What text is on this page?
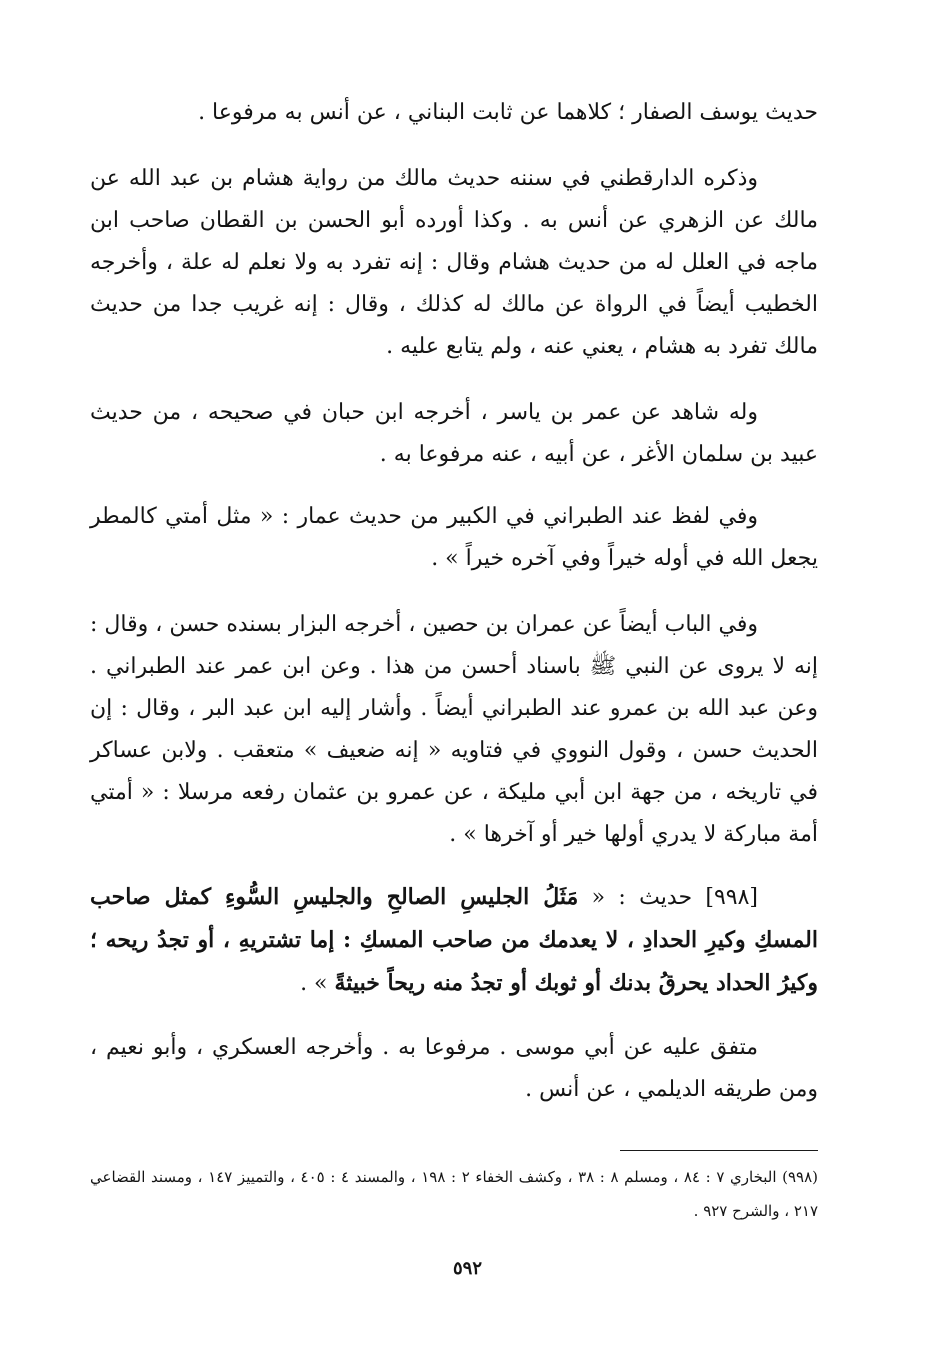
حديث يوسف الصفار ؛ كلاهما عن ثابت البناني ، عن أنس به مرفوعا .

وذكره الدارقطني في سننه حديث مالك من رواية هشام بن عبد الله عن مالك عن الزهري عن أنس به . وكذا أورده أبو الحسن بن القطان صاحب ابن ماجه في العلل له من حديث هشام وقال : إنه تفرد به ولا نعلم له علة ، وأخرجه الخطيب أيضاً في الرواة عن مالك له كذلك ، وقال : إنه غريب جدا من حديث مالك تفرد به هشام ، يعني عنه ، ولم يتابع عليه .

وله شاهد عن عمر بن ياسر ، أخرجه ابن حبان في صحيحه ، من حديث عبيد بن سلمان الأغر ، عن أبيه ، عنه مرفوعا به .

وفي لفظ عند الطبراني في الكبير من حديث عمار : « مثل أمتي كالمطر يجعل الله في أوله خيراً وفي آخره خيراً » .

وفي الباب أيضاً عن عمران بن حصين ، أخرجه البزار بسنده حسن ، وقال : إنه لا يروى عن النبي ﷺ باسناد أحسن من هذا . وعن ابن عمر عند الطبراني . وعن عبد الله بن عمرو عند الطبراني أيضاً . وأشار إليه ابن عبد البر ، وقال : إن الحديث حسن ، وقول النووي في فتاويه « إنه ضعيف » متعقب . ولابن عساكر في تاريخه ، من جهة ابن أبي مليكة ، عن عمرو بن عثمان رفعه مرسلا : « أمتي أمة مباركة لا يدري أولها خير أو آخرها » .

[٩٩٨] حديث : « مَثَلُ الجليسِ الصالحِ والجليسِ السُّوءِ كمثل صاحب المسكِ وكيرِ الحدادِ ، لا يعدمك من صاحب المسكِ : إما تشتريهِ ، أو تجدُ ريحه ؛ وكيرُ الحداد يحرقُ بدنك أو ثوبك أو تجدُ منه ريحاً خبيثةً » .

متفق عليه عن أبي موسى . مرفوعا به . وأخرجه العسكري ، وأبو نعيم ، ومن طريقه الديلمي ، عن أنس .

(٩٩٨) البخاري ٧ : ٨٤ ، ومسلم ٨ : ٣٨ ، وكشف الخفاء ٢ : ١٩٨ ، والمسند ٤ : ٤٠٥ ، والتمييز ١٤٧ ، ومسند القضاعي ٢١٧ ، والشرح ٩٢٧ .

٥٩٢
